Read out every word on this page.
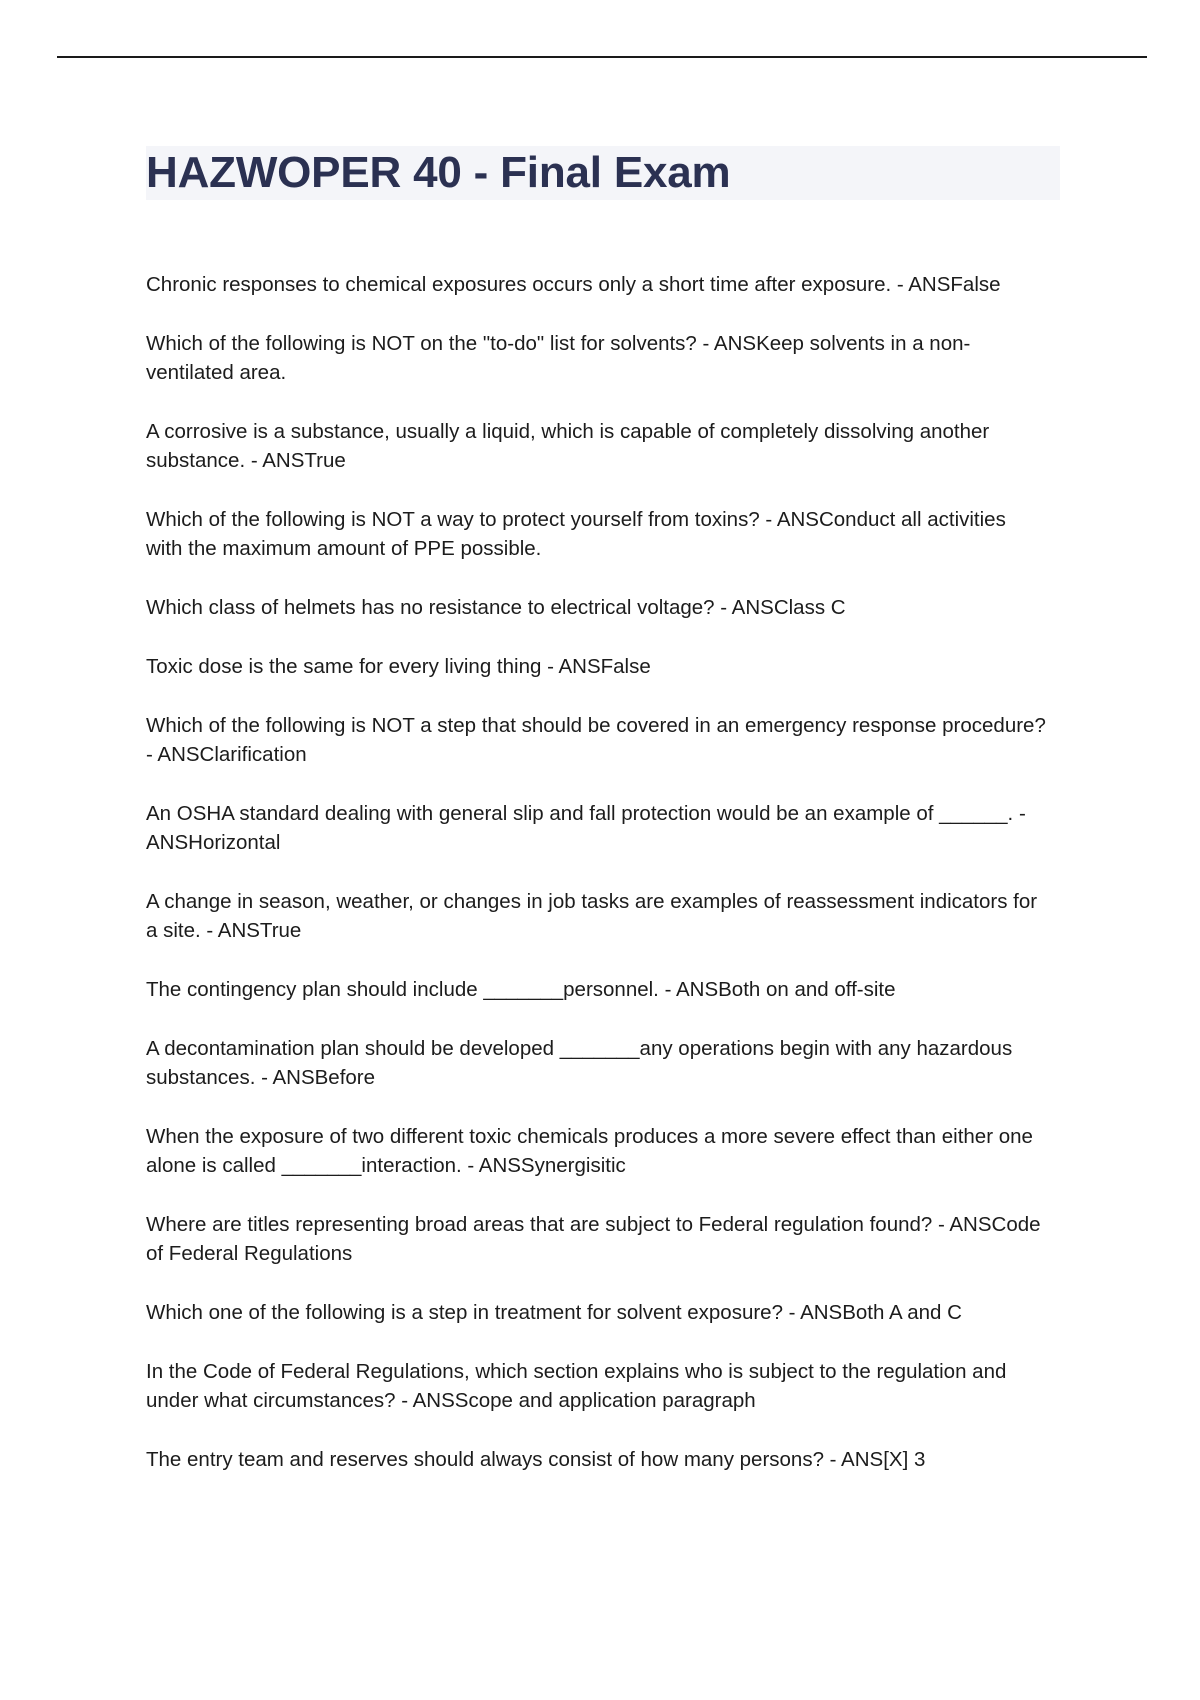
HAZWOPER 40 - Final Exam
Chronic responses to chemical exposures occurs only a short time after exposure. - ANSFalse
Which of the following is NOT on the "to-do" list for solvents? - ANSKeep solvents in a non-ventilated area.
A corrosive is a substance, usually a liquid, which is capable of completely dissolving another substance. - ANSTrue
Which of the following is NOT a way to protect yourself from toxins? - ANSConduct all activities with the maximum amount of PPE possible.
Which class of helmets has no resistance to electrical voltage? - ANSClass C
Toxic dose is the same for every living thing - ANSFalse
Which of the following is NOT a step that should be covered in an emergency response procedure? - ANSClarification
An OSHA standard dealing with general slip and fall protection would be an example of ______. - ANSHorizontal
A change in season, weather, or changes in job tasks are examples of reassessment indicators for a site. - ANSTrue
The contingency plan should include _______personnel. - ANSBoth on and off-site
A decontamination plan should be developed _______any operations begin with any hazardous substances. - ANSBefore
When the exposure of two different toxic chemicals produces a more severe effect than either one alone is called _______interaction. - ANSSynergisitic
Where are titles representing broad areas that are subject to Federal regulation found? - ANSCode of Federal Regulations
Which one of the following is a step in treatment for solvent exposure? - ANSBoth A and C
In the Code of Federal Regulations, which section explains who is subject to the regulation and under what circumstances? - ANSScope and application paragraph
The entry team and reserves should always consist of how many persons? - ANS[X] 3
